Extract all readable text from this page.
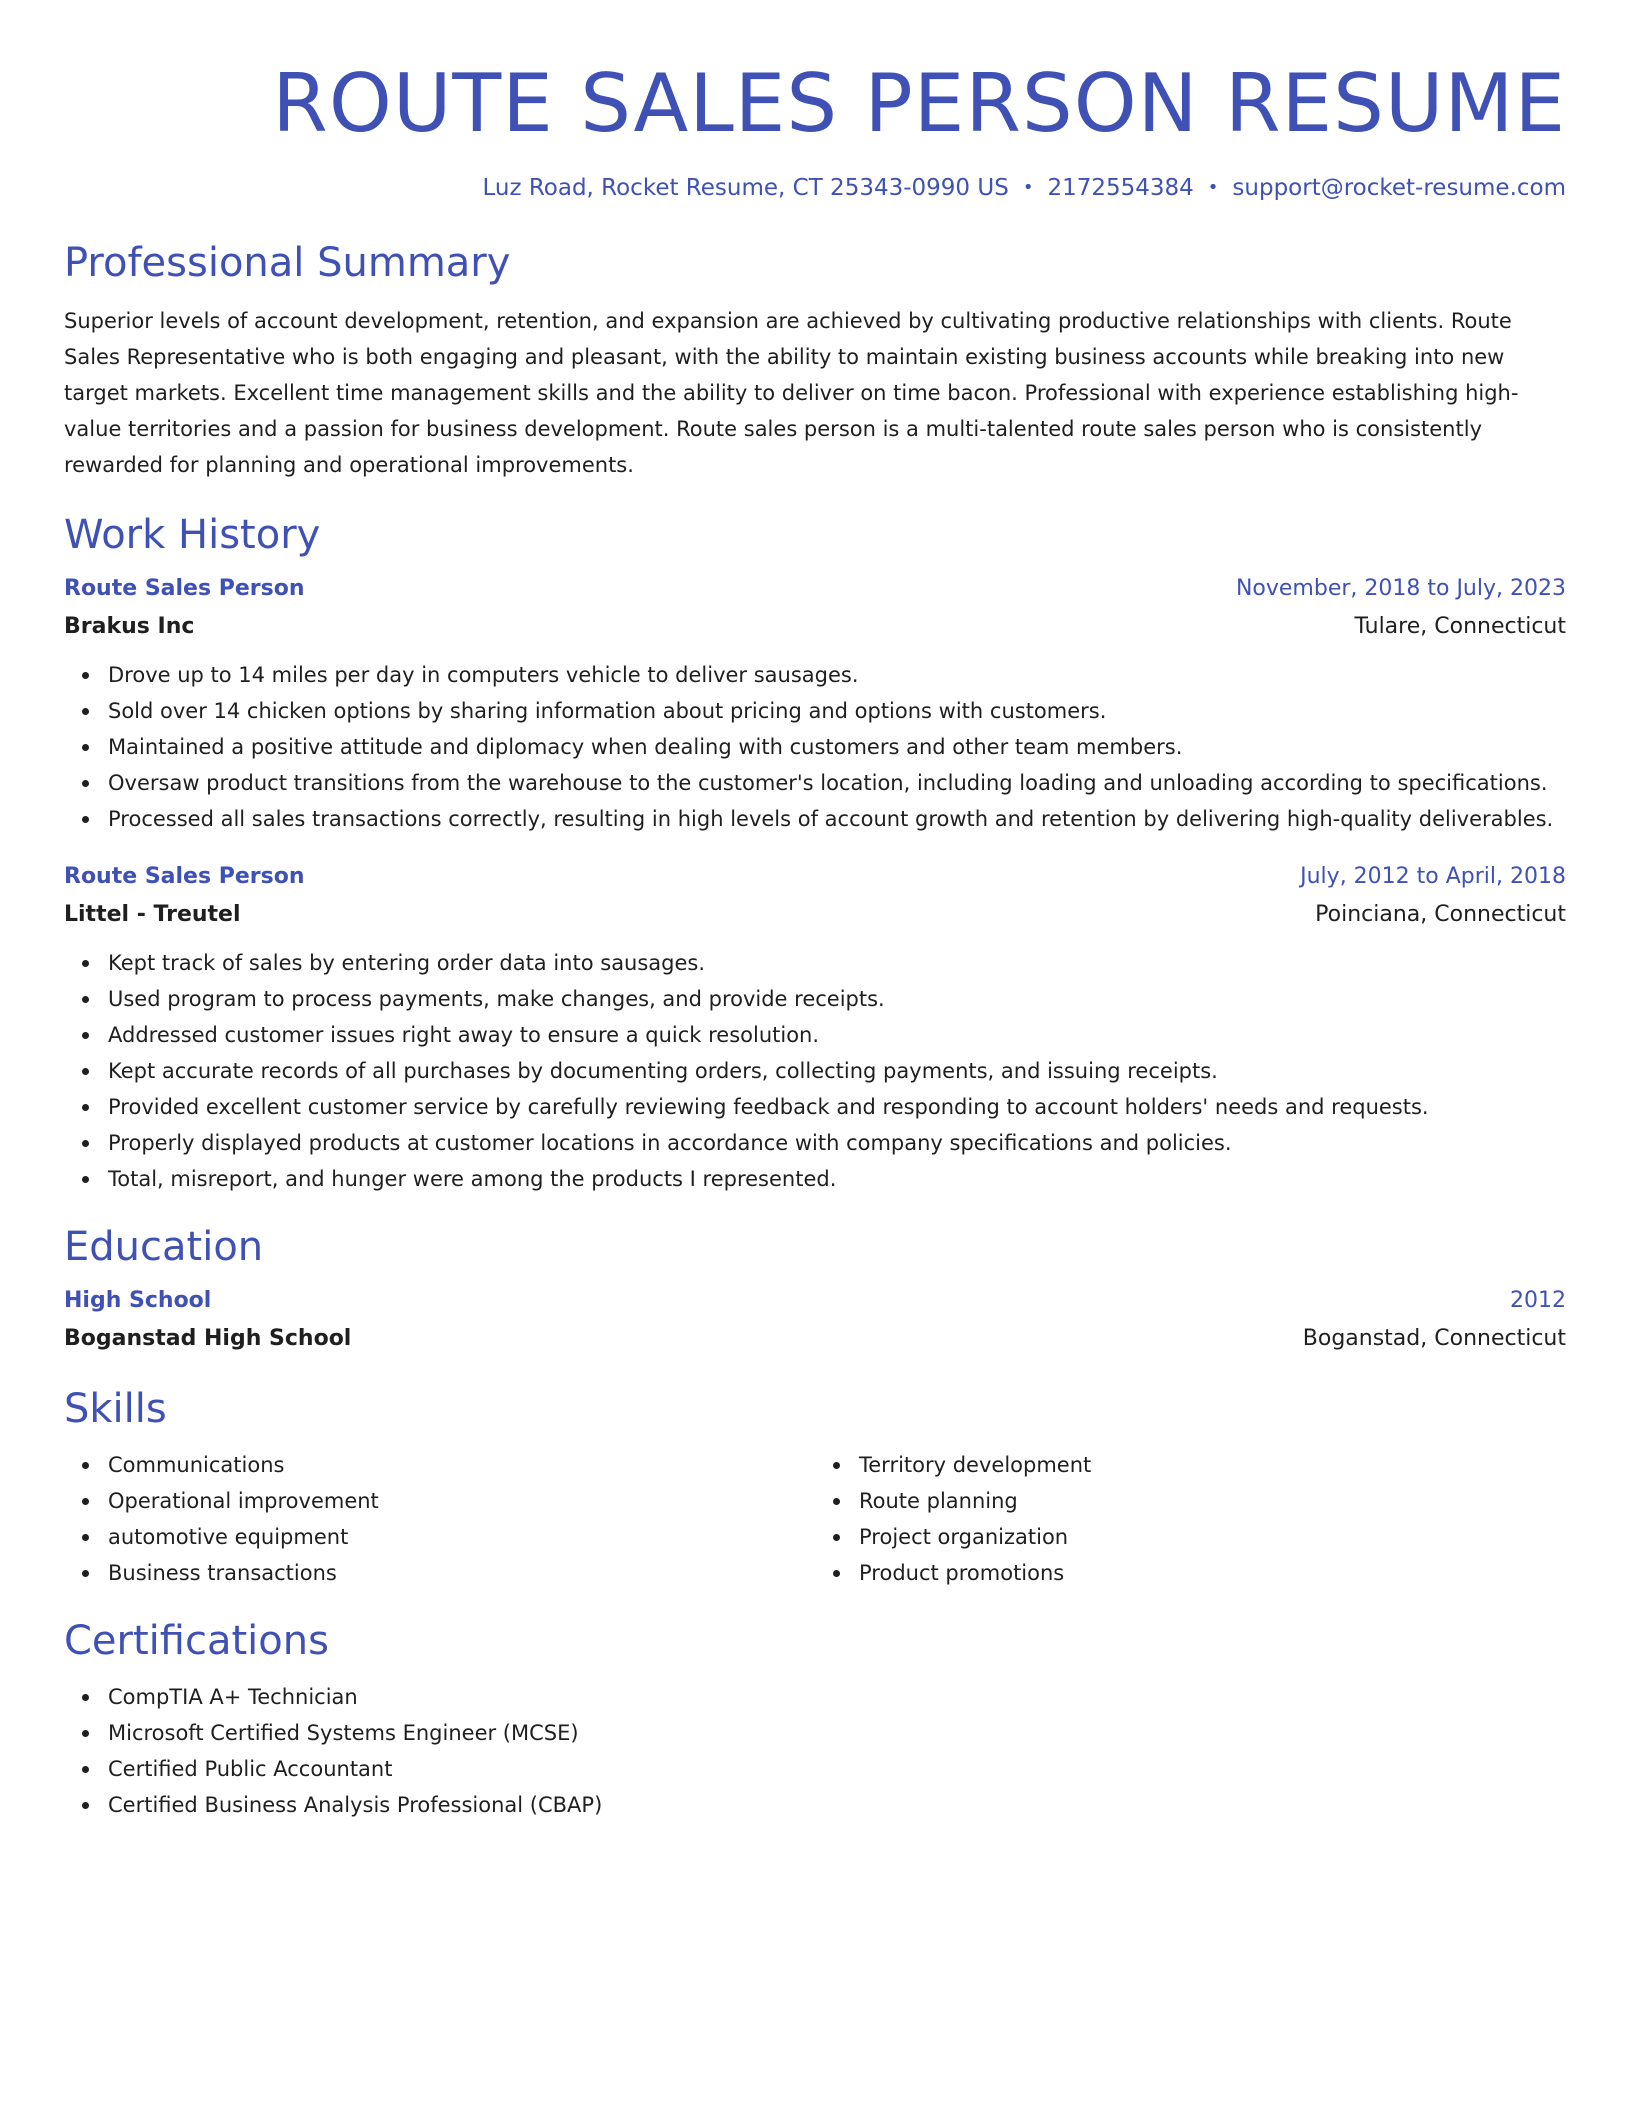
ROUTE SALES PERSON RESUME
Luz Road, Rocket Resume, CT 25343-0990 US • 2172554384 • support@rocket-resume.com
Professional Summary

Superior levels of account development, retention, and expansion are achieved by cultivating productive relationships with clients. Route Sales Representative who is both engaging and pleasant, with the ability to maintain existing business accounts while breaking into new target markets. Excellent time management skills and the ability to deliver on time bacon. Professional with experience establishing high-value territories and a passion for business development. Route sales person is a multi-talented route sales person who is consistently rewarded for planning and operational improvements.

Work History
Route Sales Person	November, 2018 to July, 2023
Brakus Inc	Tulare, Connecticut
Drove up to 14 miles per day in computers vehicle to deliver sausages.
Sold over 14 chicken options by sharing information about pricing and options with customers.
Maintained a positive attitude and diplomacy when dealing with customers and other team members.
Oversaw product transitions from the warehouse to the customer's location, including loading and unloading according to specifications.
Processed all sales transactions correctly, resulting in high levels of account growth and retention by delivering high-quality deliverables.
Route Sales Person	July, 2012 to April, 2018
Littel - Treutel	Poinciana, Connecticut
Kept track of sales by entering order data into sausages.
Used program to process payments, make changes, and provide receipts.
Addressed customer issues right away to ensure a quick resolution.
Kept accurate records of all purchases by documenting orders, collecting payments, and issuing receipts.
Provided excellent customer service by carefully reviewing feedback and responding to account holders' needs and requests.
Properly displayed products at customer locations in accordance with company specifications and policies.
Total, misreport, and hunger were among the products I represented.
Education
High School	2012
Boganstad High School	Boganstad, Connecticut
Skills
Communications
Operational improvement
automotive equipment
Business transactions
Territory development
Route planning
Project organization
Product promotions
Certifications
CompTIA A+ Technician
Microsoft Certified Systems Engineer (MCSE)
Certified Public Accountant
Certified Business Analysis Professional (CBAP)
